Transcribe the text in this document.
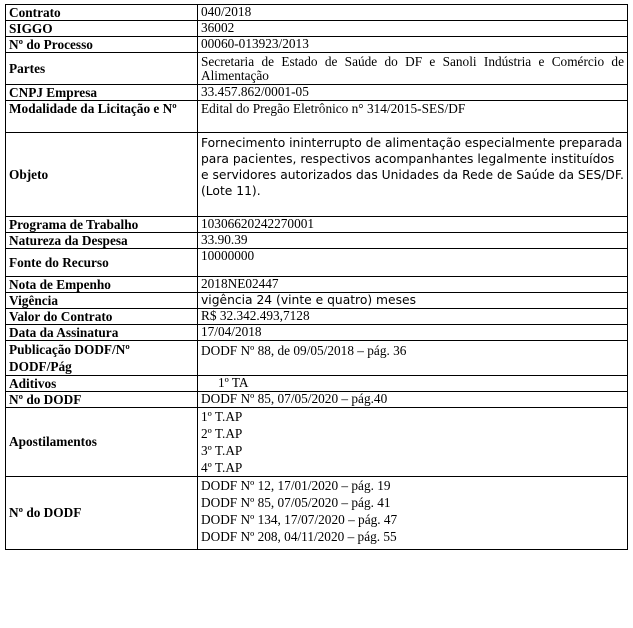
Contrato	040/2018
SIGGO	36002
Nº do Processo	00060-013923/2013
Partes	Secretaria de Estado de Saúde do DF e Sanoli Indústria e Comércio de Alimentação
CNPJ Empresa	33.457.862/0001-05
Modalidade da Licitação e Nº	Edital do Pregão Eletrônico n° 314/2015-SES/DF
Objeto	Fornecimento ininterrupto de alimentação especialmente preparada para pacientes, respectivos acompanhantes legalmente instituídos e servidores autorizados das Unidades da Rede de Saúde da SES/DF. (Lote 11).
Programa de Trabalho	10306620242270001
Natureza da Despesa	33.90.39
Fonte do Recurso	10000000
Nota de Empenho	2018NE02447
Vigência	vigência 24 (vinte e quatro) meses
Valor do Contrato	R$ 32.342.493,7128
Data da Assinatura	17/04/2018
Publicação DODF/Nº DODF/Pág	DODF Nº 88, de 09/05/2018 – pág. 36
Aditivos	1º TA
Nº do DODF	DODF Nº 85, 07/05/2020 – pág.40
Apostilamentos	1º T.AP
2º T.AP
3º T.AP
4º T.AP

Nº do DODF	DODF Nº 12, 17/01/2020 – pág. 19
DODF Nº 85, 07/05/2020 – pág. 41
DODF Nº 134, 17/07/2020 – pág. 47
DODF Nº 208, 04/11/2020 – pág. 55
